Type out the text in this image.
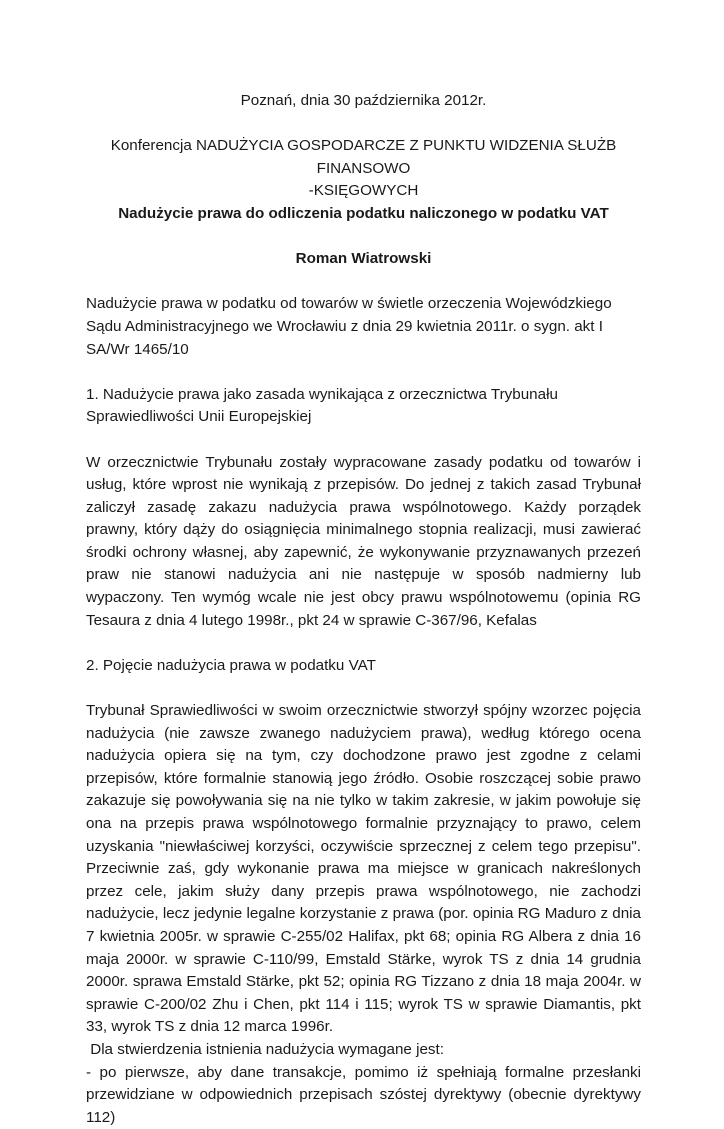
Poznań, dnia 30 października 2012r.
Konferencja NADUŻYCIA GOSPODARCZE Z PUNKTU WIDZENIA SŁUŻB FINANSOWO
-KSIĘGOWYCH
Nadużycie prawa do odliczenia podatku naliczonego w podatku VAT
Roman Wiatrowski

Nadużycie prawa w podatku od towarów w świetle orzeczenia Wojewódzkiego Sądu Administracyjnego we Wrocławiu z dnia 29 kwietnia 2011r. o sygn. akt I SA/Wr 1465/10

1. Nadużycie prawa jako zasada wynikająca z orzecznictwa Trybunału Sprawiedliwości Unii Europejskiej

W orzecznictwie Trybunału zostały wypracowane zasady podatku od towarów i usług, które wprost nie wynikają z przepisów. Do jednej z takich zasad Trybunał zaliczył zasadę zakazu nadużycia prawa wspólnotowego. Każdy porządek prawny, który dąży do osiągnięcia minimalnego stopnia realizacji, musi zawierać środki ochrony własnej, aby zapewnić, że wykonywanie przyznawanych przezeń praw nie stanowi nadużycia ani nie następuje w sposób nadmierny lub wypaczony. Ten wymóg wcale nie jest obcy prawu wspólnotowemu (opinia RG Tesaura z dnia 4 lutego 1998r., pkt 24 w sprawie C-367/96, Kefalas

2. Pojęcie nadużycia prawa w podatku VAT

Trybunał Sprawiedliwości w swoim orzecznictwie stworzył spójny wzorzec pojęcia nadużycia (nie zawsze zwanego nadużyciem prawa), według którego ocena nadużycia opiera się na tym, czy dochodzone prawo jest zgodne z celami przepisów, które formalnie stanowią jego źródło. Osobie roszczącej sobie prawo zakazuje się powoływania się na nie tylko w takim zakresie, w jakim powołuje się ona na przepis prawa wspólnotowego formalnie przyznający to prawo, celem uzyskania "niewłaściwej korzyści, oczywiście sprzecznej z celem tego przepisu". Przeciwnie zaś, gdy wykonanie prawa ma miejsce w granicach nakreślonych przez cele, jakim służy dany przepis prawa wspólnotowego, nie zachodzi nadużycie, lecz jedynie legalne korzystanie z prawa (por. opinia RG Maduro z dnia 7 kwietnia 2005r. w sprawie C-255/02 Halifax, pkt 68; opinia RG Albera z dnia 16 maja 2000r. w sprawie C-110/99, Emstald Stärke, wyrok TS z dnia 14 grudnia 2000r. sprawa Emstald Stärke, pkt 52; opinia RG Tizzano z dnia 18 maja 2004r. w sprawie C-200/02 Zhu i Chen, pkt 114 i 115; wyrok TS w sprawie Diamantis, pkt 33, wyrok TS z dnia 12 marca 1996r.

Dla stwierdzenia istnienia nadużycia wymagane jest:

- po pierwsze, aby dane transakcje, pomimo iż spełniają formalne przesłanki przewidziane w odpowiednich przepisach szóstej dyrektywy (obecnie dyrektywy 112)
